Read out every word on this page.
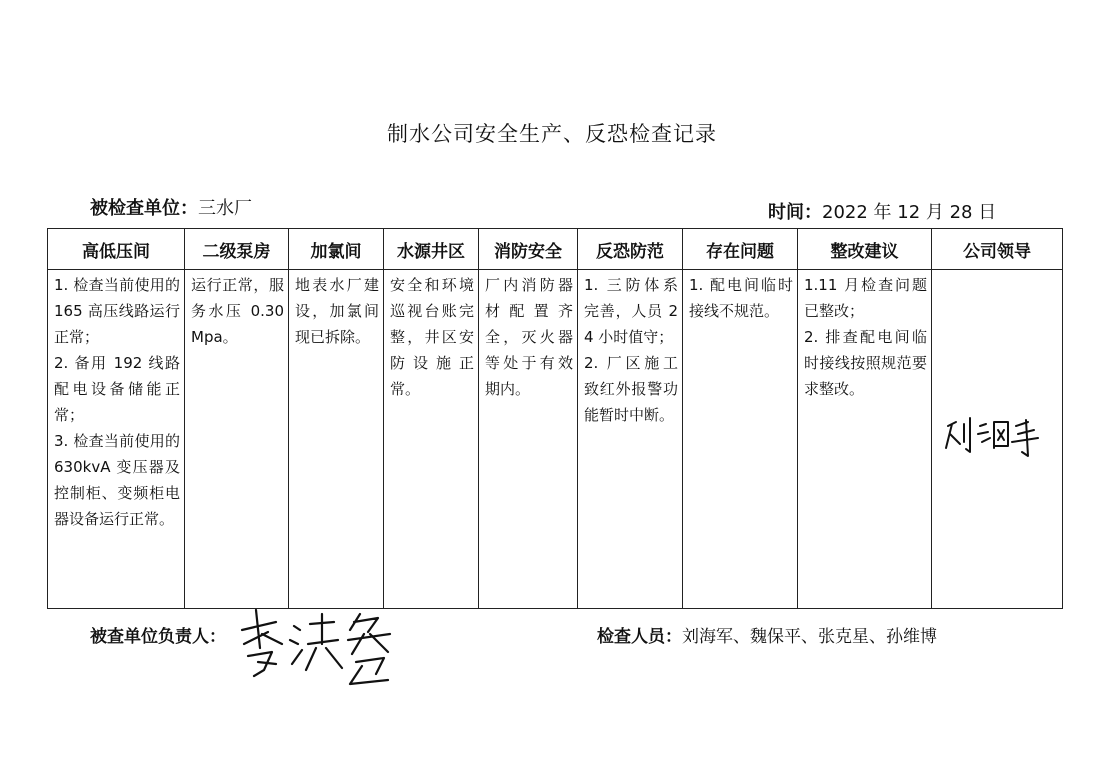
制水公司安全生产、反恐检查记录
被检查单位：三水厂	时间：2022 年 12 月 28 日
高低压间	二级泵房	加氯间	水源井区	消防安全	反恐防范	存在问题	整改建议	公司领导

1. 检查当前使用的 165 高压线路运行正常；
2. 备用 192 线路配电设备储能正常；
3. 检查当前使用的 630kvA 变压器及控制柜、变频柜电器设备运行正常。	运行正常，服务水压 0.30Mpa。	地表水厂建设，加氯间现已拆除。	安全和环境巡视台账完整，井区安防设施正常。	厂内消防器材配置齐全，灭火器等处于有效期内。	1. 三防体系完善，人员 24 小时值守；
2. 厂区施工致红外报警功能暂时中断。	1. 配电间临时接线不规范。	1.11 月检查问题已整改；
2. 排查配电间临时接线按照规范要求整改。

被查单位负责人：	检查人员：刘海军、魏保平、张克星、孙维博
